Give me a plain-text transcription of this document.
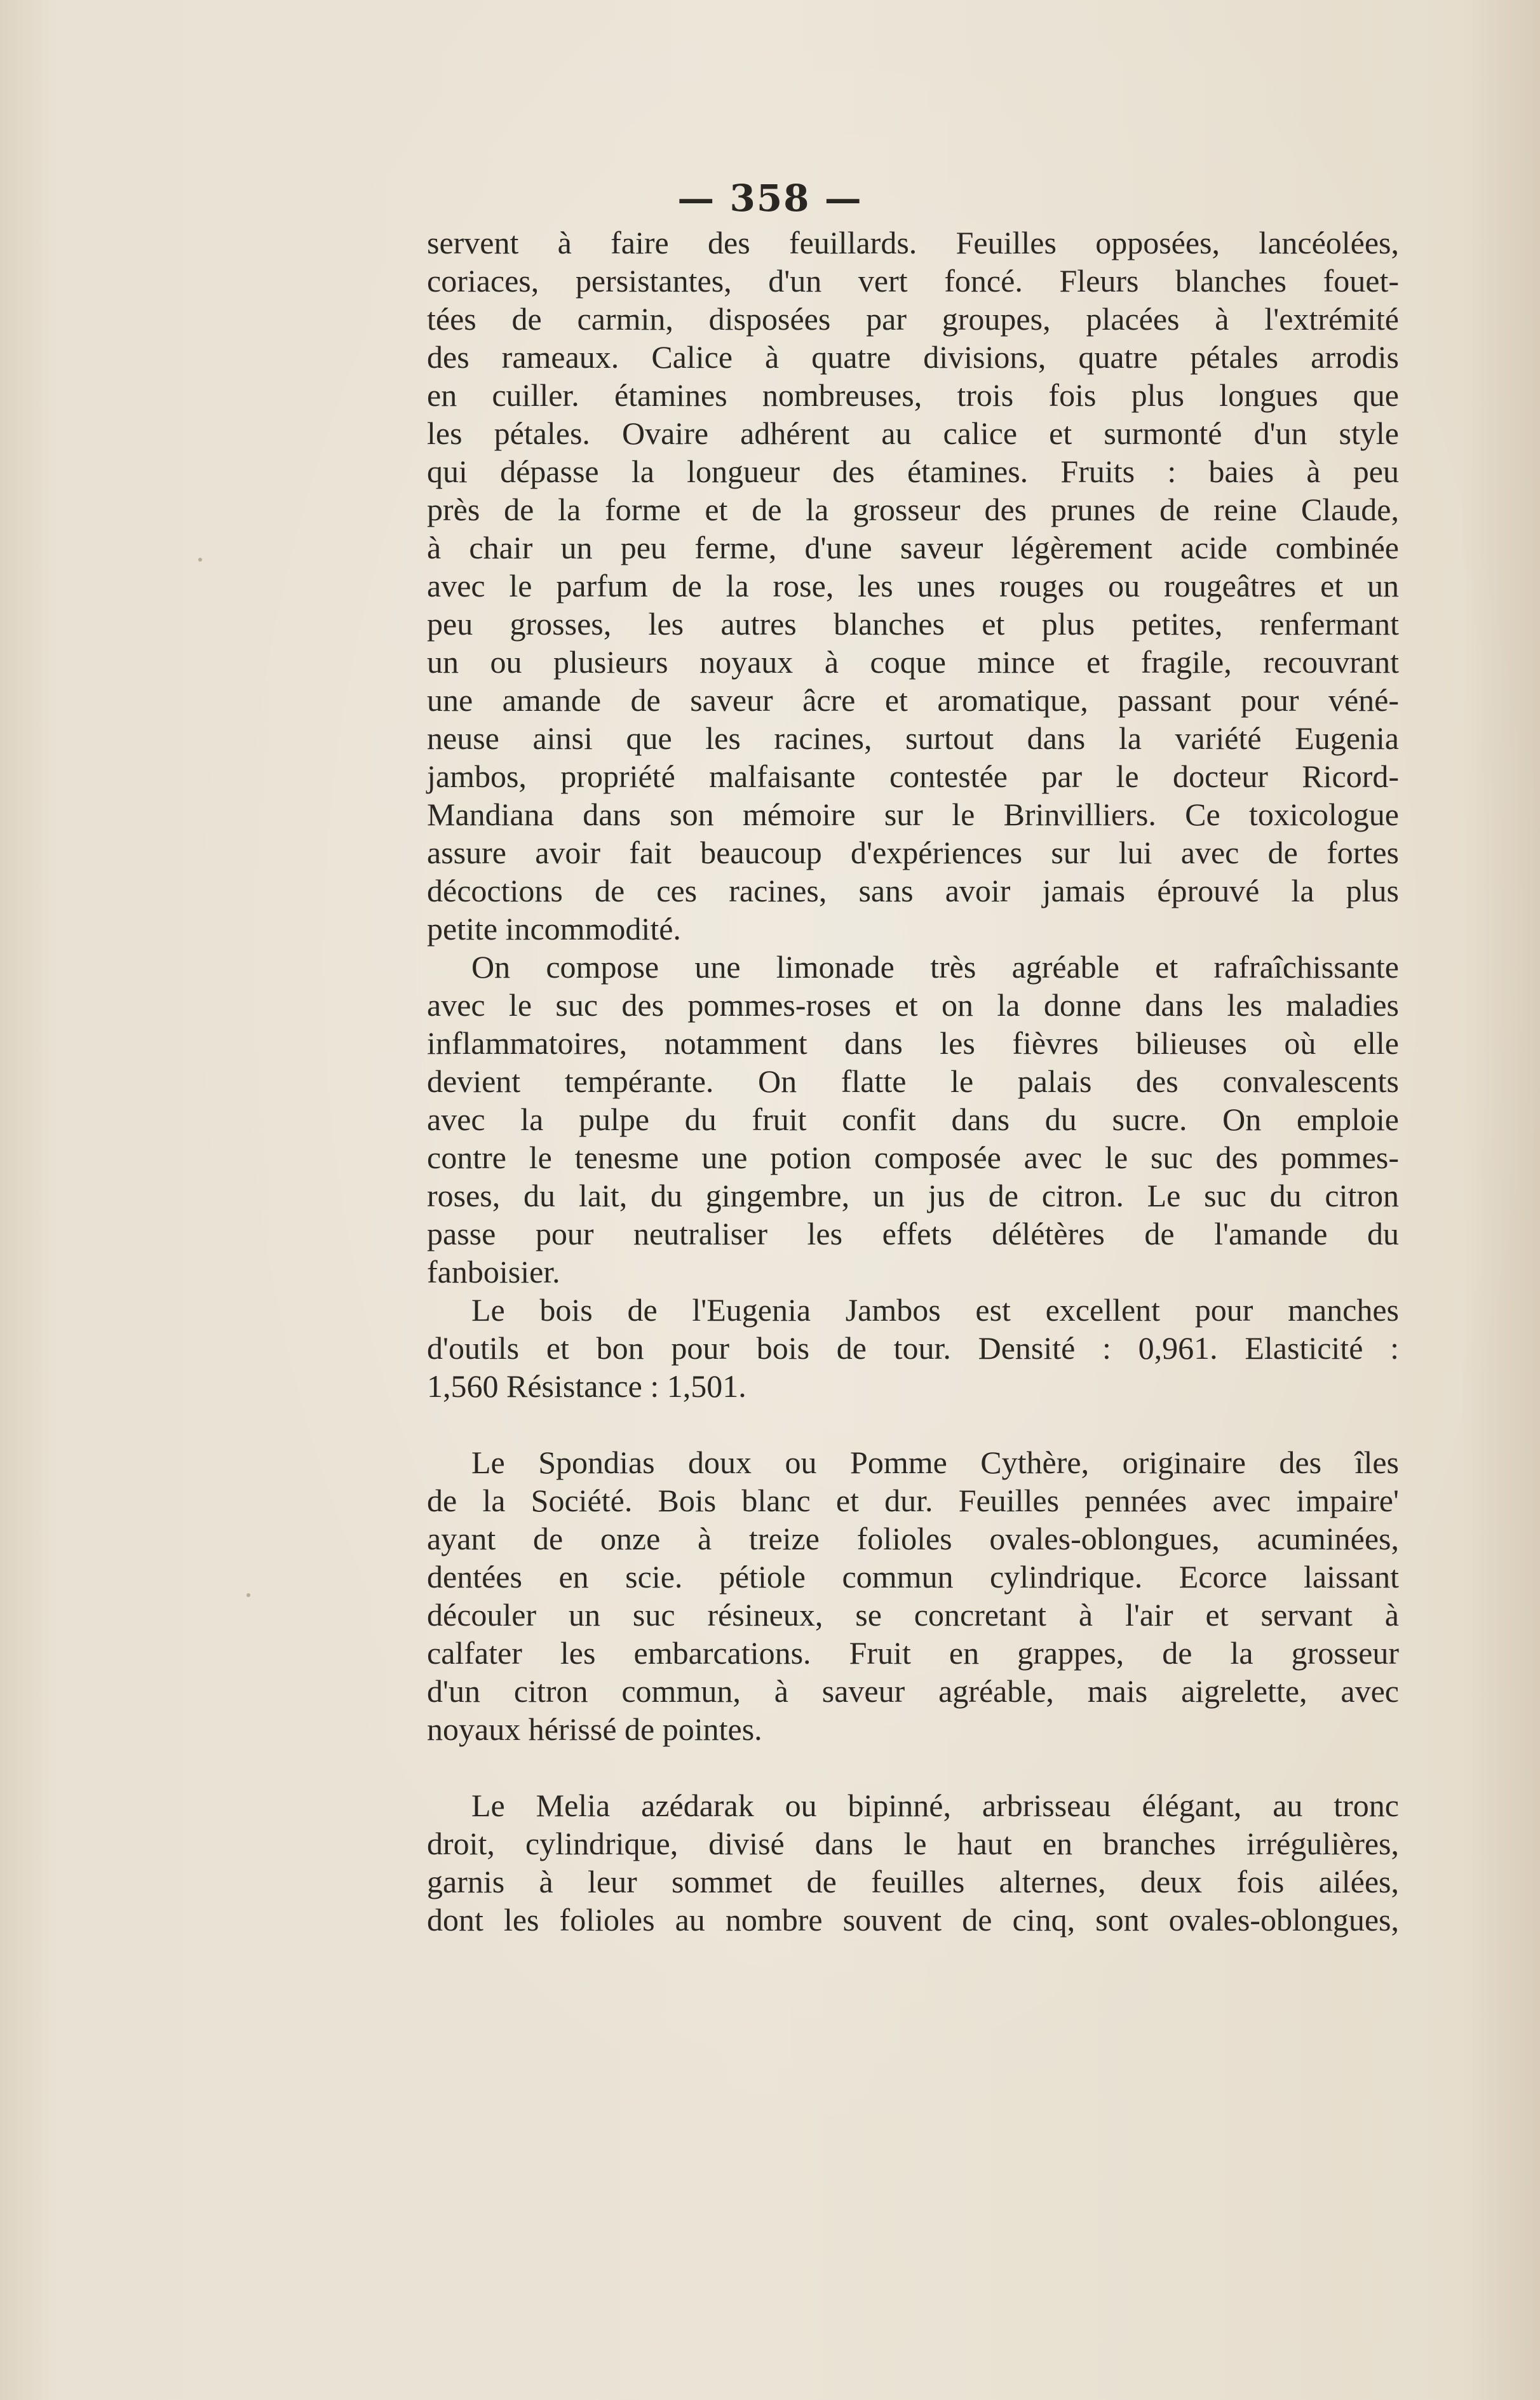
— 358 —
servent à faire des feuillards. Feuilles opposées, lancéolées,
coriaces, persistantes, d'un vert foncé. Fleurs blanches fouet-
tées de carmin, disposées par groupes, placées à l'extrémité
des rameaux. Calice à quatre divisions, quatre pétales arrodis
en cuiller. étamines nombreuses, trois fois plus longues que
les pétales. Ovaire adhérent au calice et surmonté d'un style
qui dépasse la longueur des étamines. Fruits : baies à peu
près de la forme et de la grosseur des prunes de reine Claude,
à chair un peu ferme, d'une saveur légèrement acide combinée
avec le parfum de la rose, les unes rouges ou rougeâtres et un
peu grosses, les autres blanches et plus petites, renfermant
un ou plusieurs noyaux à coque mince et fragile, recouvrant
une amande de saveur âcre et aromatique, passant pour véné-
neuse ainsi que les racines, surtout dans la variété Eugenia
jambos, propriété malfaisante contestée par le docteur Ricord-
Mandiana dans son mémoire sur le Brinvilliers. Ce toxicologue
assure avoir fait beaucoup d'expériences sur lui avec de fortes
décoctions de ces racines, sans avoir jamais éprouvé la plus
petite incommodité.
On compose une limonade très agréable et rafraîchissante
avec le suc des pommes-roses et on la donne dans les maladies
inflammatoires, notamment dans les fièvres bilieuses où elle
devient tempérante. On flatte le palais des convalescents
avec la pulpe du fruit confit dans du sucre. On emploie
contre le tenesme une potion composée avec le suc des pommes-
roses, du lait, du gingembre, un jus de citron. Le suc du citron
passe pour neutraliser les effets délétères de l'amande du
fanboisier.
Le bois de l'Eugenia Jambos est excellent pour manches
d'outils et bon pour bois de tour. Densité : 0,961. Elasticité :
1,560 Résistance : 1,501.
Le Spondias doux ou Pomme Cythère, originaire des îles
de la Société. Bois blanc et dur. Feuilles pennées avec impaire'
ayant de onze à treize folioles ovales-oblongues, acuminées,
dentées en scie. pétiole commun cylindrique. Ecorce laissant
découler un suc résineux, se concretant à l'air et servant à
calfater les embarcations. Fruit en grappes, de la grosseur
d'un citron commun, à saveur agréable, mais aigrelette, avec
noyaux hérissé de pointes.
Le Melia azédarak ou bipinné, arbrisseau élégant, au tronc
droit, cylindrique, divisé dans le haut en branches irrégulières,
garnis à leur sommet de feuilles alternes, deux fois ailées,
dont les folioles au nombre souvent de cinq, sont ovales-oblongues,
